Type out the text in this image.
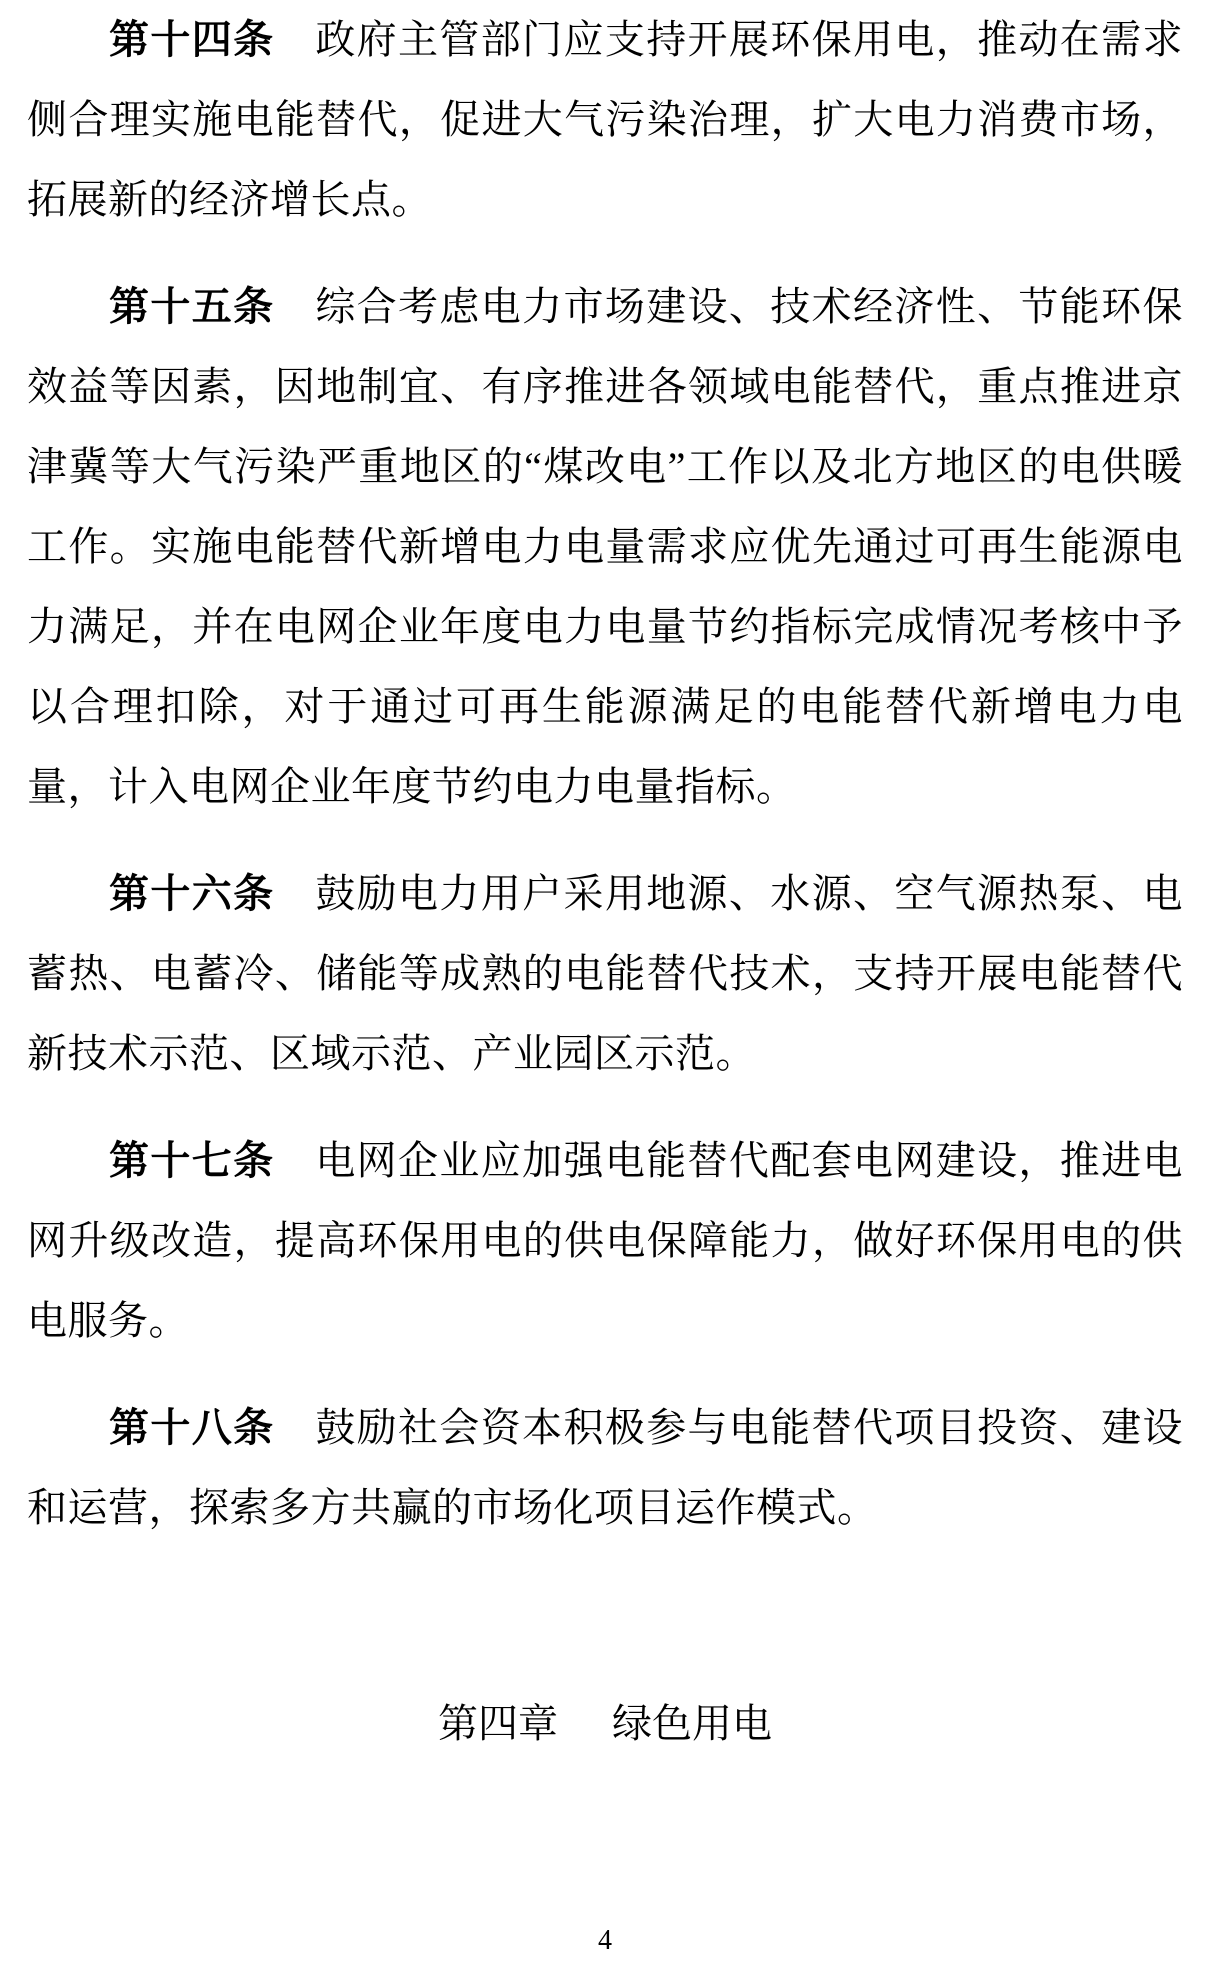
第十四条 政府主管部门应支持开展环保用电，推动在需求侧合理实施电能替代，促进大气污染治理，扩大电力消费市场，拓展新的经济增长点。

第十五条 综合考虑电力市场建设、技术经济性、节能环保效益等因素，因地制宜、有序推进各领域电能替代，重点推进京津冀等大气污染严重地区的“煤改电”工作以及北方地区的电供暖工作。实施电能替代新增电力电量需求应优先通过可再生能源电力满足，并在电网企业年度电力电量节约指标完成情况考核中予以合理扣除，对于通过可再生能源满足的电能替代新增电力电量，计入电网企业年度节约电力电量指标。

第十六条 鼓励电力用户采用地源、水源、空气源热泵、电蓄热、电蓄冷、储能等成熟的电能替代技术，支持开展电能替代新技术示范、区域示范、产业园区示范。

第十七条 电网企业应加强电能替代配套电网建设，推进电网升级改造，提高环保用电的供电保障能力，做好环保用电的供电服务。

第十八条 鼓励社会资本积极参与电能替代项目投资、建设和运营，探索多方共赢的市场化项目运作模式。

第四章 绿色用电

4
